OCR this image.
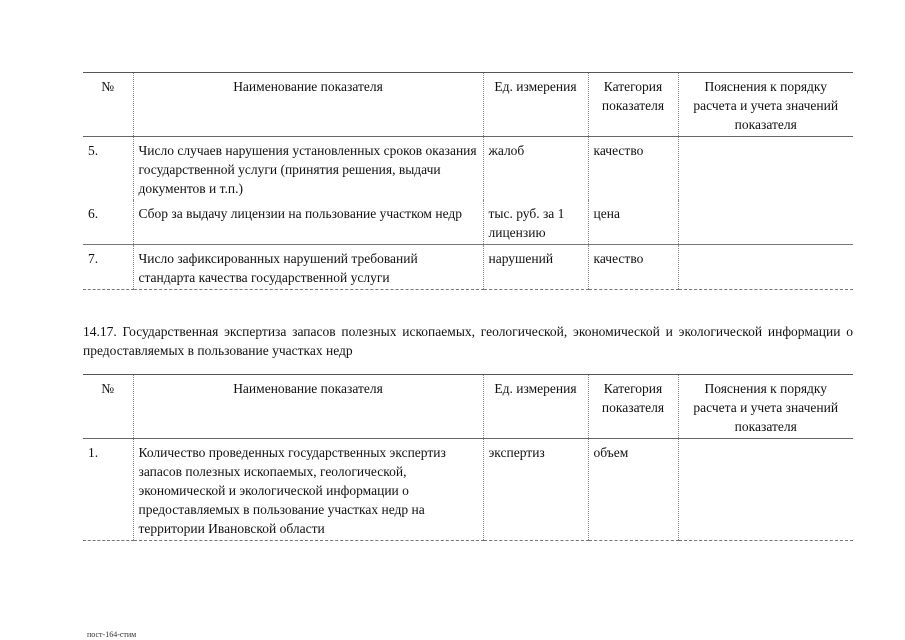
№	Наименование показателя	Ед. измерения	Категория показателя	Пояснения к порядку расчета и учета значений показателя
5.	Число случаев нарушения установленных сроков оказания государственной услуги (принятия решения, выдачи документов и т.п.)	жалоб	качество	
6.	Сбор за выдачу лицензии на пользование участком недр	тыс. руб. за 1 лицензию	цена	
7.	Число зафиксированных нарушений требований стандарта качества государственной услуги	нарушений	качество	
14.17. Государственная экспертиза запасов полезных ископаемых, геологической, экономической и экологической информации о предоставляемых в пользование участках недр
№	Наименование показателя	Ед. измерения	Категория показателя	Пояснения к порядку расчета и учета значений показателя
1.	Количество проведенных государственных экспертиз запасов полезных ископаемых, геологической, экономической и экологической информации о предоставляемых в пользование участках недр на территории Ивановской области	экспертиз	объем	
пост-164-стим
